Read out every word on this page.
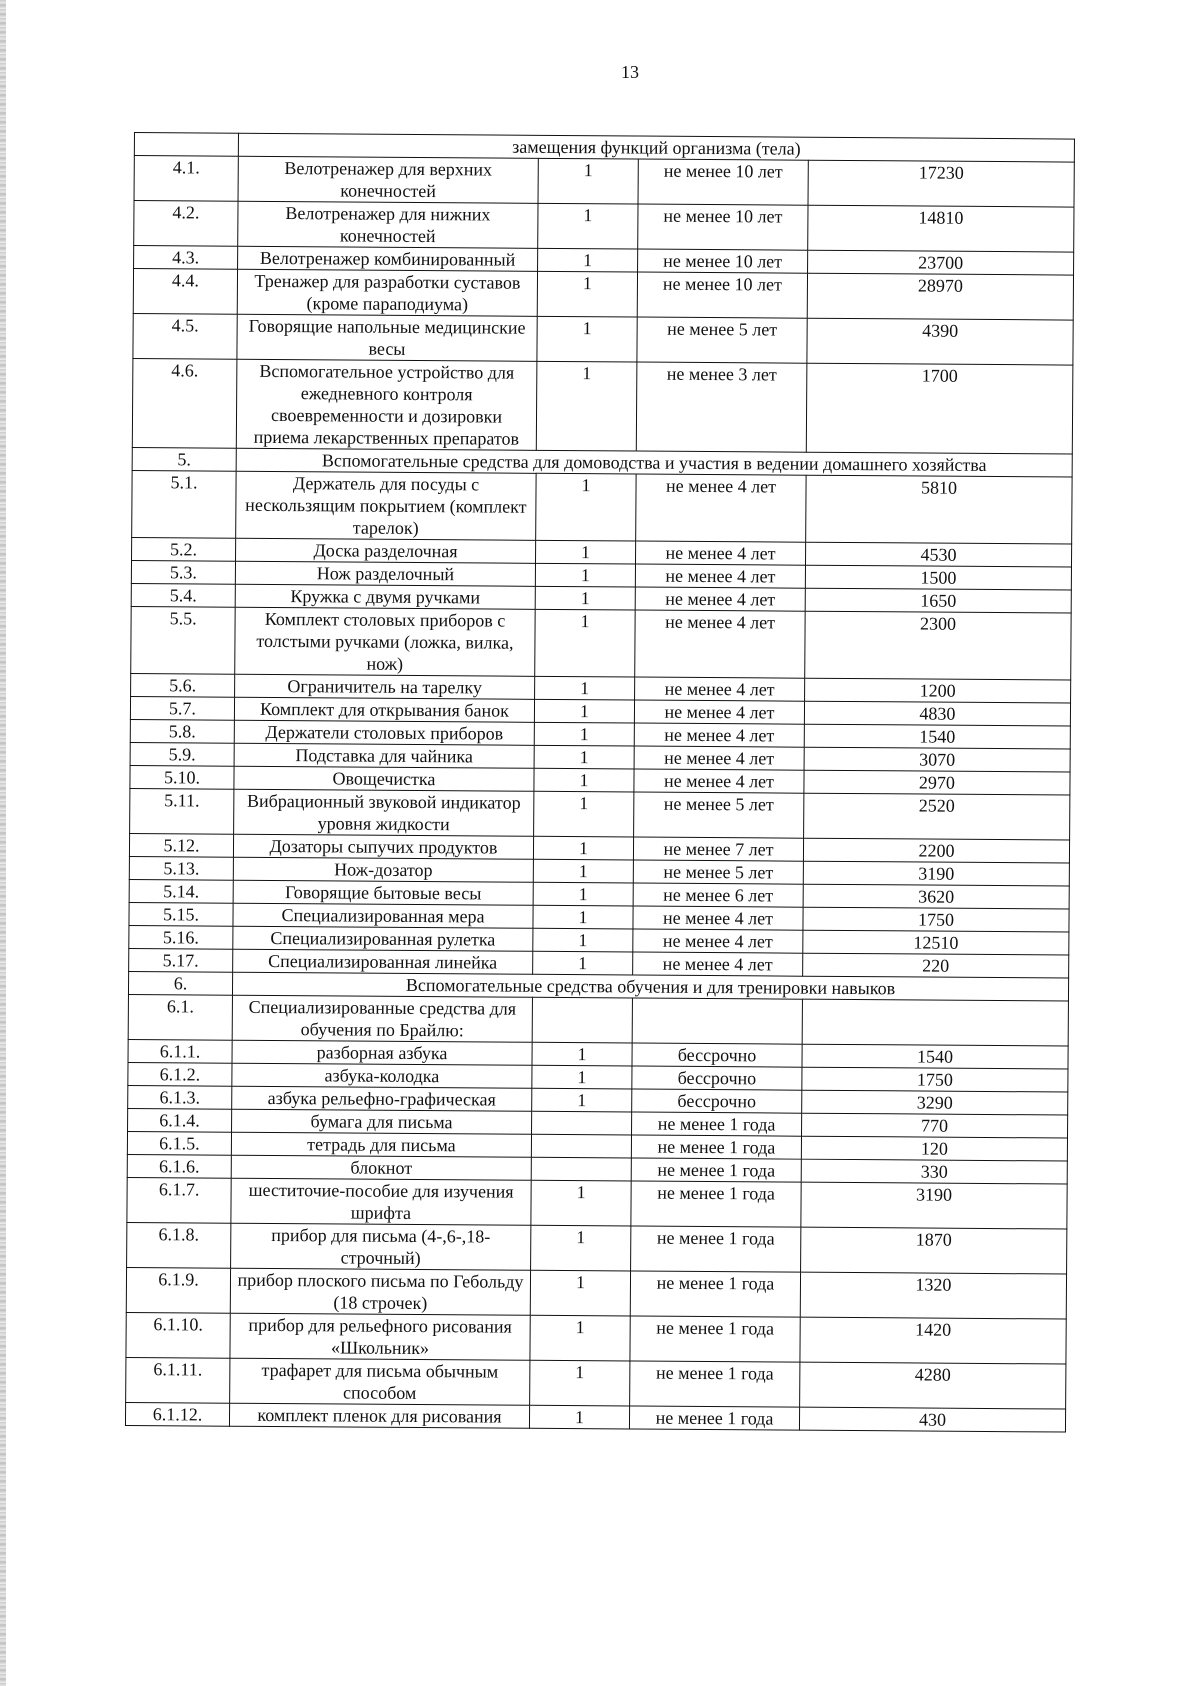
13
	замещения функций организма (тела)			
4.1.	Велотренажер для верхних конечностей	1	не менее 10 лет	17230
4.2.	Велотренажер для нижних конечностей	1	не менее 10 лет	14810
4.3.	Велотренажер комбинированный	1	не менее 10 лет	23700
4.4.	Тренажер для разработки суставов (кроме параподиума)	1	не менее 10 лет	28970
4.5.	Говорящие напольные медицинские весы	1	не менее 5 лет	4390
4.6.	Вспомогательное устройство для ежедневного контроля своевременности и дозировки приема лекарственных препаратов	1	не менее 3 лет	1700
5.	Вспомогательные средства для домоводства и участия в ведении домашнего хозяйства			
5.1.	Держатель для посуды с нескользящим покрытием (комплект тарелок)	1	не менее 4 лет	5810
5.2.	Доска разделочная	1	не менее 4 лет	4530
5.3.	Нож разделочный	1	не менее 4 лет	1500
5.4.	Кружка с двумя ручками	1	не менее 4 лет	1650
5.5.	Комплект столовых приборов с толстыми ручками (ложка, вилка, нож)	1	не менее 4 лет	2300
5.6.	Ограничитель на тарелку	1	не менее 4 лет	1200
5.7.	Комплект для открывания банок	1	не менее 4 лет	4830
5.8.	Держатели столовых приборов	1	не менее 4 лет	1540
5.9.	Подставка для чайника	1	не менее 4 лет	3070
5.10.	Овощечистка	1	не менее 4 лет	2970
5.11.	Вибрационный звуковой индикатор уровня жидкости	1	не менее 5 лет	2520
5.12.	Дозаторы сыпучих продуктов	1	не менее 7 лет	2200
5.13.	Нож-дозатор	1	не менее 5 лет	3190
5.14.	Говорящие бытовые весы	1	не менее 6 лет	3620
5.15.	Специализированная мера	1	не менее 4 лет	1750
5.16.	Специализированная рулетка	1	не менее 4 лет	12510
5.17.	Специализированная линейка	1	не менее 4 лет	220
6.	Вспомогательные средства обучения и для тренировки навыков			
6.1.	Специализированные средства для обучения по Брайлю:			
6.1.1.	разборная азбука	1	бессрочно	1540
6.1.2.	азбука-колодка	1	бессрочно	1750
6.1.3.	азбука рельефно-графическая	1	бессрочно	3290
6.1.4.	бумага для письма		не менее 1 года	770
6.1.5.	тетрадь для письма		не менее 1 года	120
6.1.6.	блокнот		не менее 1 года	330
6.1.7.	шеститочие-пособие для изучения шрифта	1	не менее 1 года	3190
6.1.8.	прибор для письма (4-,6-,18-строчный)	1	не менее 1 года	1870
6.1.9.	прибор плоского письма по Гебольду (18 строчек)	1	не менее 1 года	1320
6.1.10.	прибор для рельефного рисования «Школьник»	1	не менее 1 года	1420
6.1.11.	трафарет для письма обычным способом	1	не менее 1 года	4280
6.1.12.	комплект пленок для рисования	1	не менее 1 года	430
